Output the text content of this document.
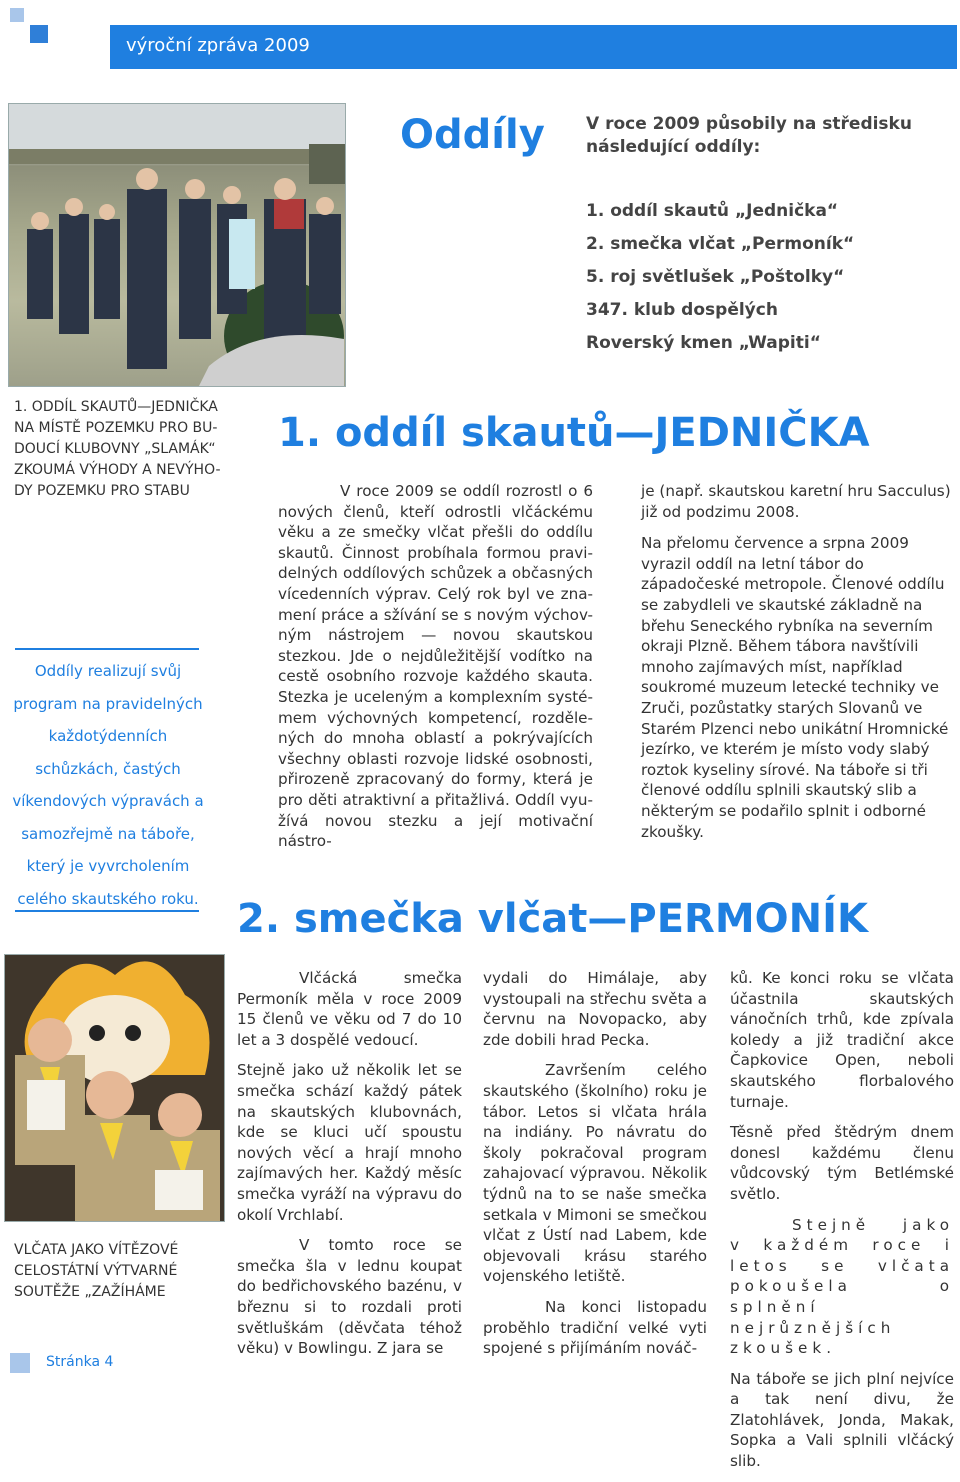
výroční zpráva 2009
Oddíly V roce 2009 působily na středisku následující oddíly:
1. oddíl skautů „Jednička“
2. smečka vlčat „Permoník“
5. roj světlušek „Poštolky“
347. klub dospělých
Roverský kmen „Wapiti“
1. ODDÍL SKAUTŮ—JEDNIČKA NA MÍSTĚ POZEMKU PRO BU-DOUCÍ KLUBOVNY „SLAMÁK“ ZKOUMÁ VÝHODY A NEVÝHO-DY POZEMKU PRO STABU
Oddíly realizují svůj program na pravidelných každotýdenních schůzkách, častých víkendových výpravách a samozřejmě na táboře, který je vyvrcholením celého skautského roku.
1. oddíl skautů—JEDNIČKA
V roce 2009 se oddíl rozrostl o 6 nových členů, kteří odrostli vlčáckému věku a ze smečky vlčat přešli do oddílu skautů. Činnost probíhala formou pravi-delných oddílových schůzek a občasných vícedenních výprav. Celý rok byl ve zna-mení práce a sžívání se s novým výchov-ným nástrojem — novou skautskou stezkou. Jde o nejdůležitější vodítko na cestě osobního rozvoje každého skauta. Stezka je uceleným a komplexním systé-mem výchovných kompetencí, rozděle-ných do mnoha oblastí a pokrývajících všechny oblasti rozvoje lidské osobnosti, přirozeně zpracovaný do formy, která je pro děti atraktivní a přitažlivá. Oddíl vyu-žívá novou stezku a její motivační nástro-

je (např. skautskou karetní hru Sacculus) již od podzimu 2008.

Na přelomu července a srpna 2009 vyrazil oddíl na letní tábor do západočeské metropole. Členové oddílu se zabydleli ve skautské základně na břehu Seneckého rybníka na severním okraji Plzně. Během tábora navštívili mnoho zajímavých míst, například soukromé muzeum letecké techniky ve Zruči, pozůstatky starých Slovanů ve Starém Plzenci nebo unikátní Hromnické jezírko, ve kterém je místo vody slabý roztok kyseliny sírové. Na táboře si tři členové oddílu splnili skautský slib a některým se podařilo splnit i odborné zkoušky.

2. smečka vlčat—PERMONÍK

Vlčácká smečka Permoník měla v roce 2009 15 členů ve věku od 7 do 10 let a 3 dospělé vedoucí.

Stejně jako už několik let se smečka schází každý pátek na skautských klubovnách, kde se kluci učí spoustu nových věcí a hrají mnoho zajímavých her. Každý měsíc smečka vyráží na výpravu do okolí Vrchlabí.

V tomto roce se smečka šla v lednu koupat do bedřichovského bazénu, v březnu si to rozdali proti světluškám (děvčata téhož věku) v Bowlingu. Z jara se

vydali do Himálaje, aby vystoupali na střechu světa a červnu na Novopacko, aby zde dobili hrad Pecka.

Završením celého skautského (školního) roku je tábor. Letos si vlčata hrála na indiány. Po návratu do školy pokračoval program zahajovací výpravou. Několik týdnů na to se naše smečka setkala v Mimoni se smečkou vlčat z Ústí nad Labem, kde objevovali krásu starého vojenského letiště.

Na konci listopadu proběhlo tradiční velké vyti spojené s přijímáním nováč-

ků. Ke konci roku se vlčata účastnila skautských vánočních trhů, kde zpívala koledy a již tradiční akce Čapkovice Open, neboli skautského florbalového turnaje.

Těsně před štědrým dnem donesl každému členu vůdcovský tým Betlémské světlo.

Stejně jako v každém roce i letos se vlčata pokoušela o splnění nejrůznějších zkoušek.

Na táboře se jich plní nejvíce a tak není divu, že Zlatohlávek, Jonda, Makak, Sopka a Vali splnili vlčácký slib.

VLČATA JAKO VÍTĚZOVÉ CELOSTÁTNÍ VÝTVARNÉ SOUTĚŽE „ZAŽÍHÁME
Stránka 4
